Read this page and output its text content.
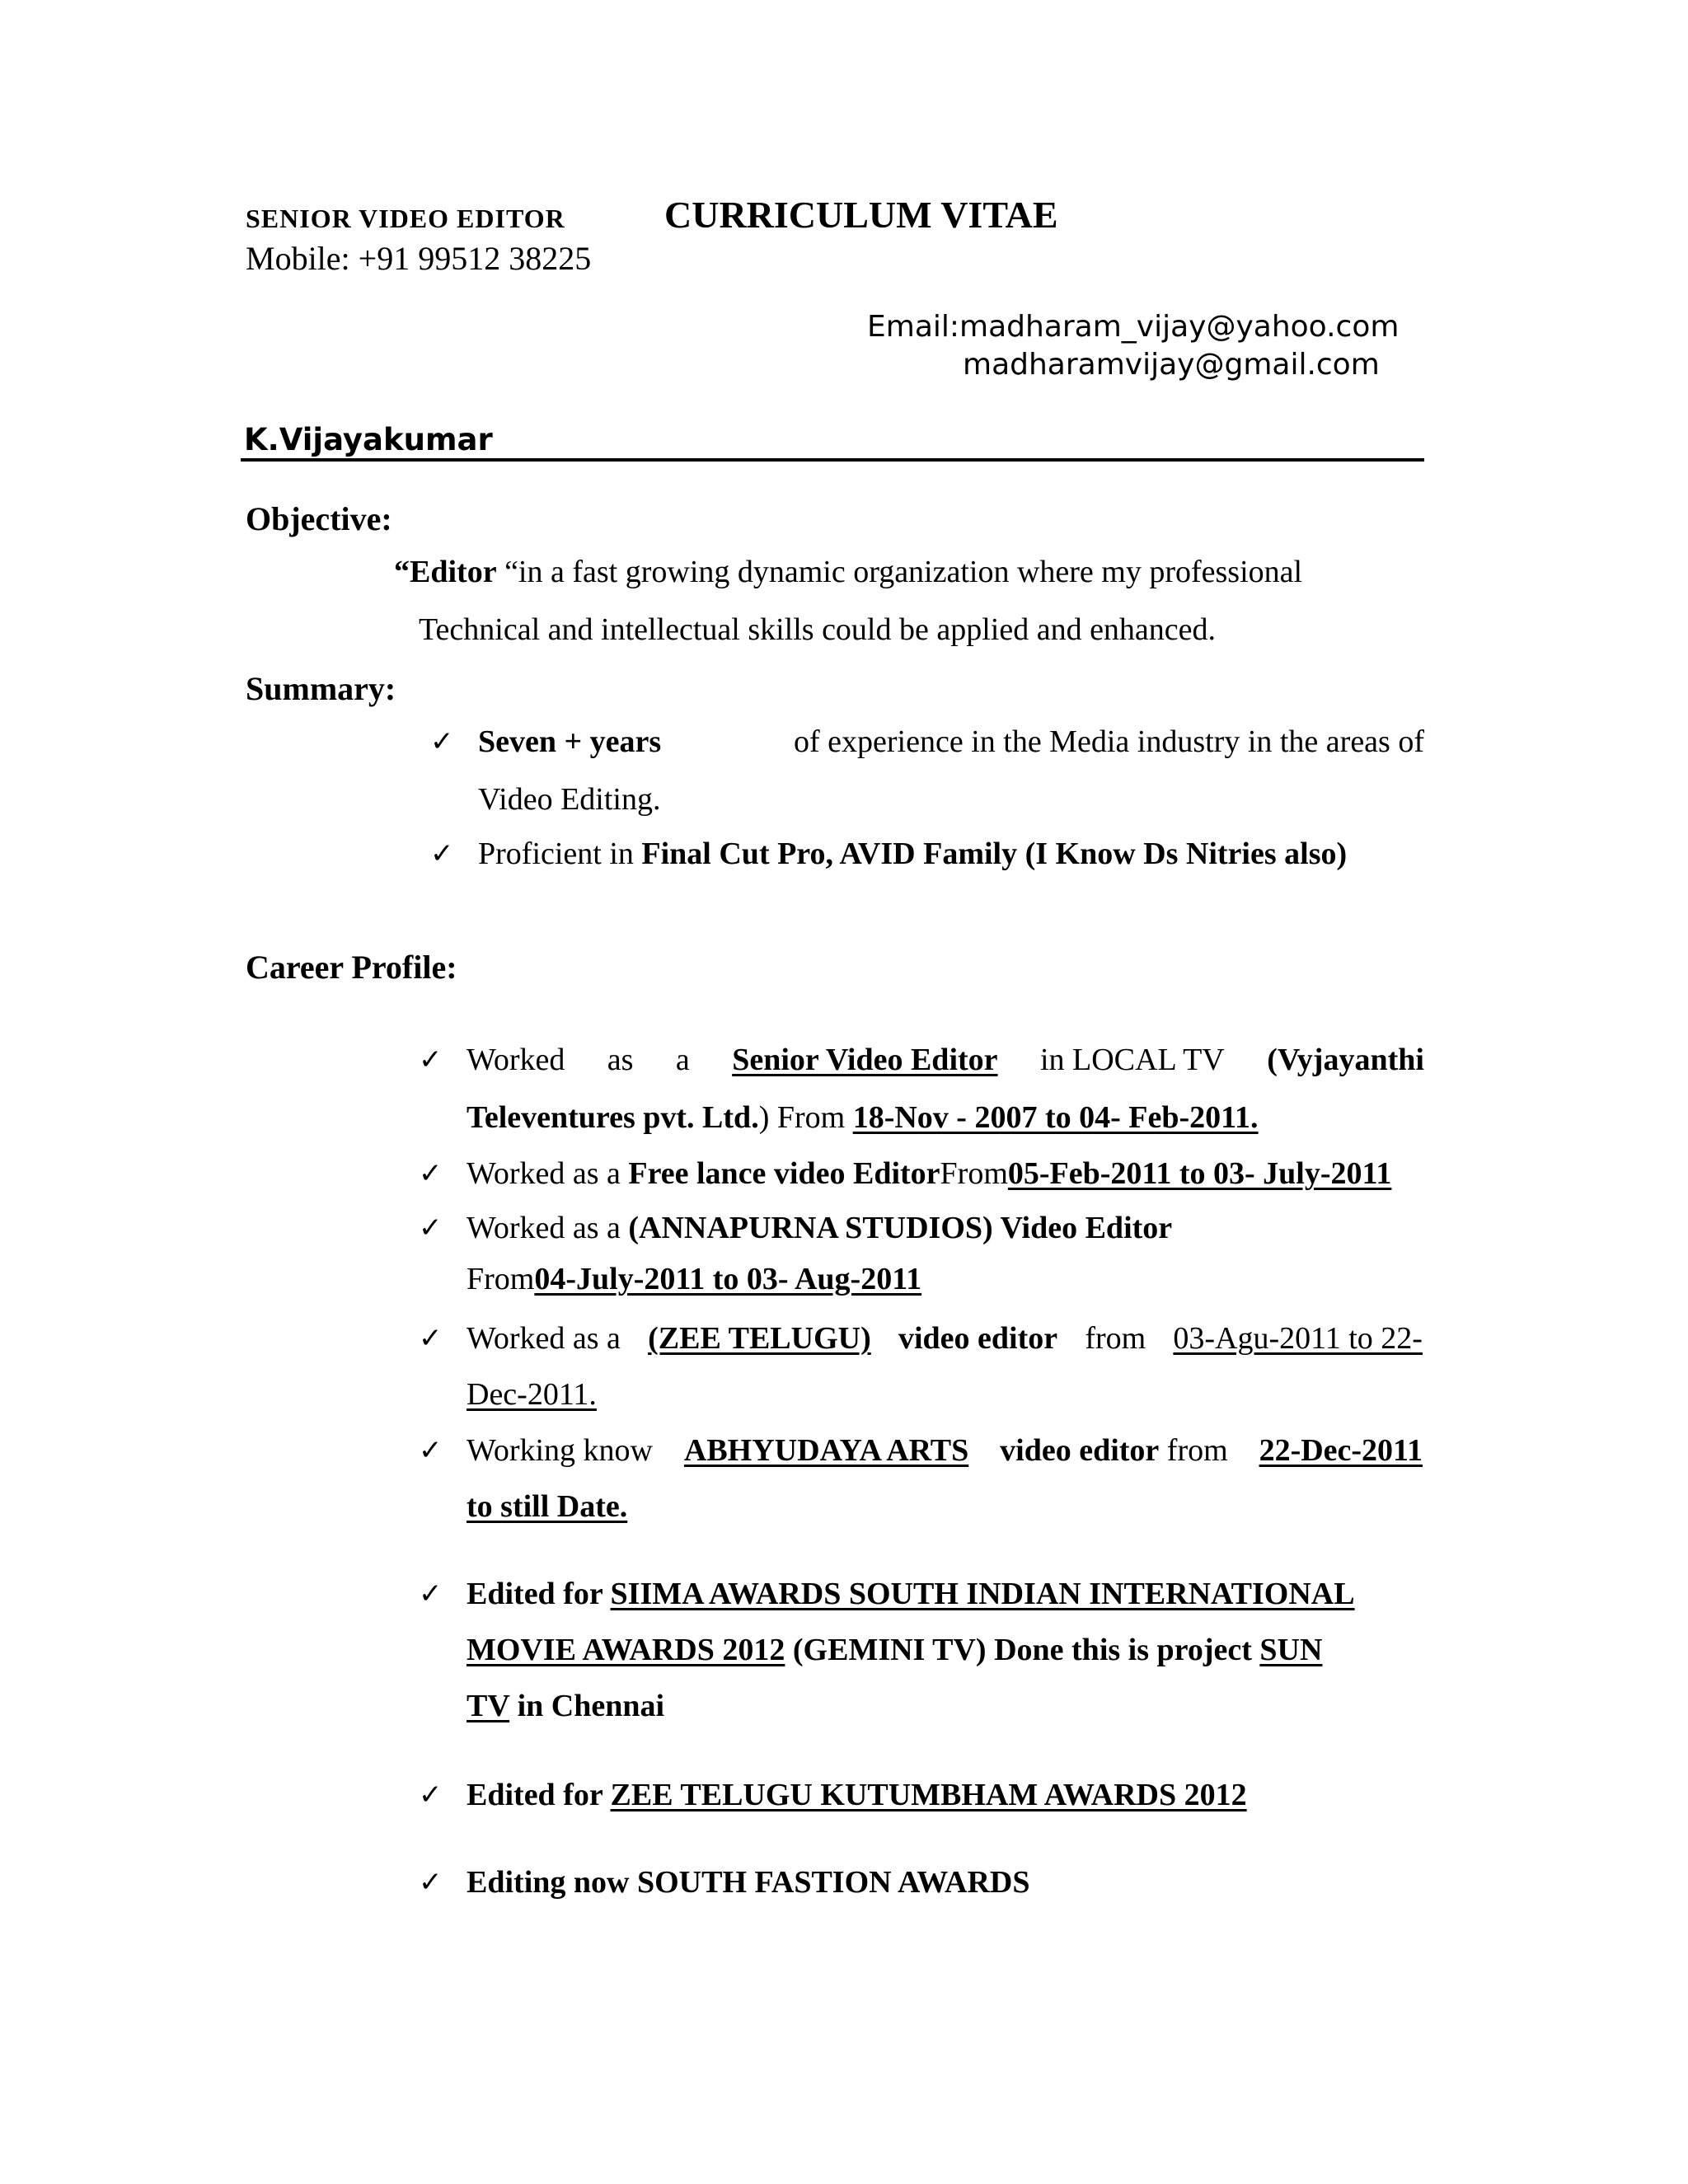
SENIOR VIDEO EDITOR	CURRICULUM VITAE
Mobile: +91 99512 38225
Email:madharam_vijay@yahoo.com
madharamvijay@gmail.com
K.Vijayakumar
Objective:
“Editor “in a fast growing dynamic organization where my professional
Technical and intellectual skills could be applied and enhanced.
Summary:
✓ Seven + years	of experience in the Media industry in the areas of
Video Editing.
✓ Proficient in Final Cut Pro, AVID Family (I Know Ds Nitries also)
Career Profile:
✓ Worked as a Senior Video Editor in LOCAL TV (Vyjayanthi
Televentures pvt. Ltd.) From 18-Nov - 2007 to 04- Feb-2011.
✓ Worked as a Free lance video EditorFrom05-Feb-2011 to 03- July-2011
✓ Worked as a (ANNAPURNA STUDIOS) Video Editor
From04-July-2011 to 03- Aug-2011
✓ Worked as a (ZEE TELUGU) video editor from 03-Agu-2011 to 22-
Dec-2011.
✓ Working know ABHYUDAYA ARTS video editor from 22-Dec-2011
to still Date.
✓ Edited for SIIMA AWARDS SOUTH INDIAN INTERNATIONAL
MOVIE AWARDS 2012 (GEMINI TV) Done this is project SUN
TV in Chennai
✓ Edited for ZEE TELUGU KUTUMBHAM AWARDS 2012
✓ Editing now SOUTH FASTION AWARDS
